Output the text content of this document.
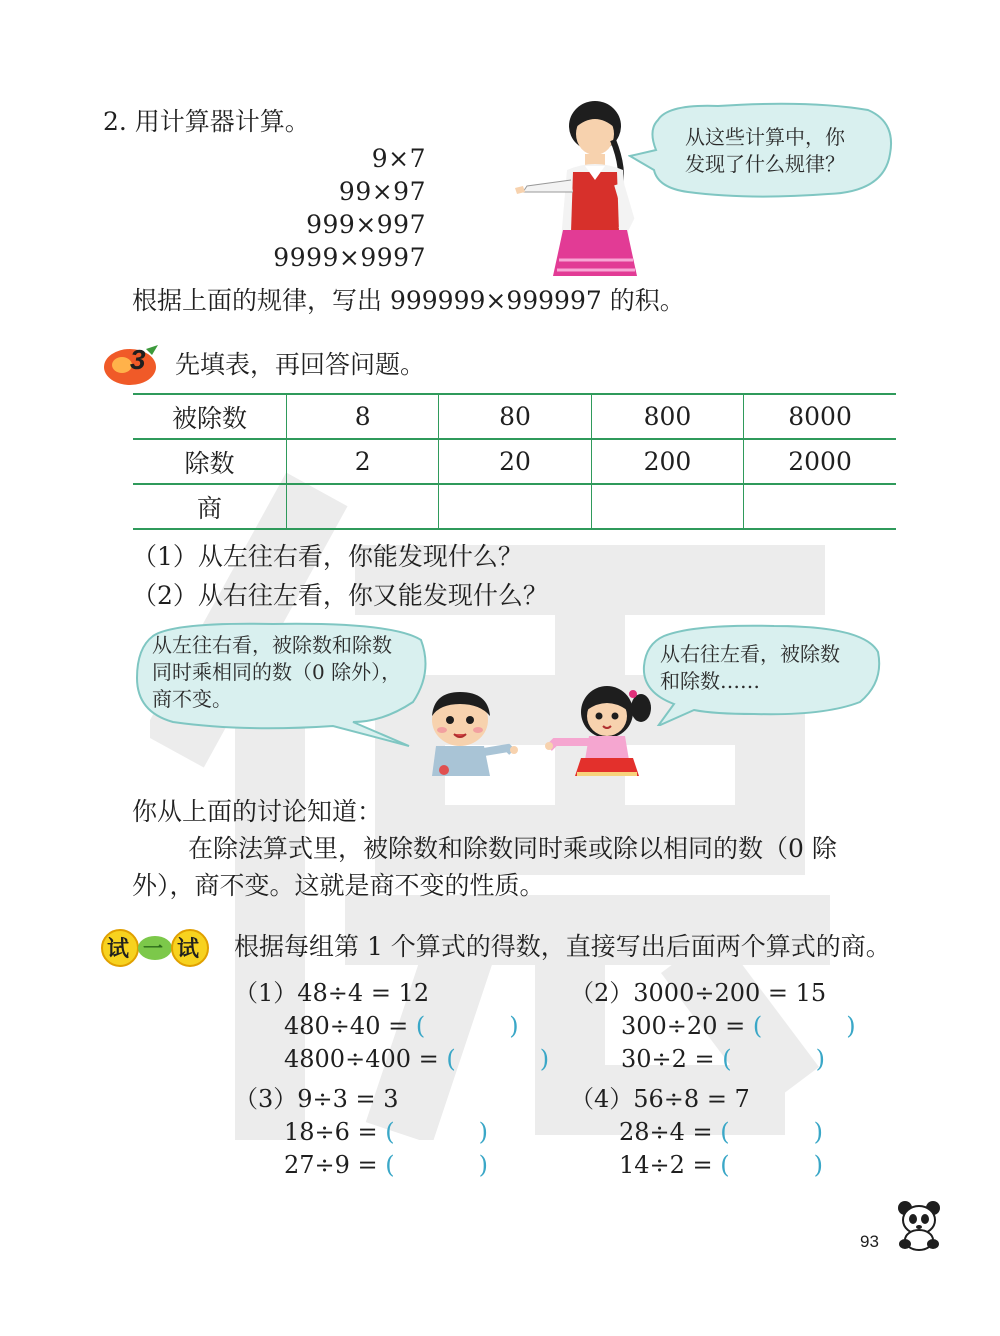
2. 用计算器计算。
9×7
99×97
999×997
9999×9997
从这些计算中，你
发现了什么规律？
根据上面的规律，写出 999999×999997 的积。
3 先填表，再回答问题。
被除数	8	80	800	8000
除数	2	20	200	2000
商				
（1）从左往右看，你能发现什么？
（2）从右往左看，你又能发现什么？
从左往右看，被除数和除数
同时乘相同的数（0 除外），
商不变。
从右往左看，被除数
和除数……
你从上面的讨论知道：
在除法算式里，被除数和除数同时乘或除以相同的数（0 除
外），商不变。这就是商不变的性质。
试 一 试 根据每组第 1 个算式的得数，直接写出后面两个算式的商。
（1）48÷4 = 12
480÷40 = (	)
4800÷400 = (	)
（2）3000÷200 = 15
300÷20 = (	)
30÷2 = (	)
（3）9÷3 = 3
18÷6 = (	)
27÷9 = (	)
（4）56÷8 = 7
28÷4 = (	)
14÷2 = (	)
93
